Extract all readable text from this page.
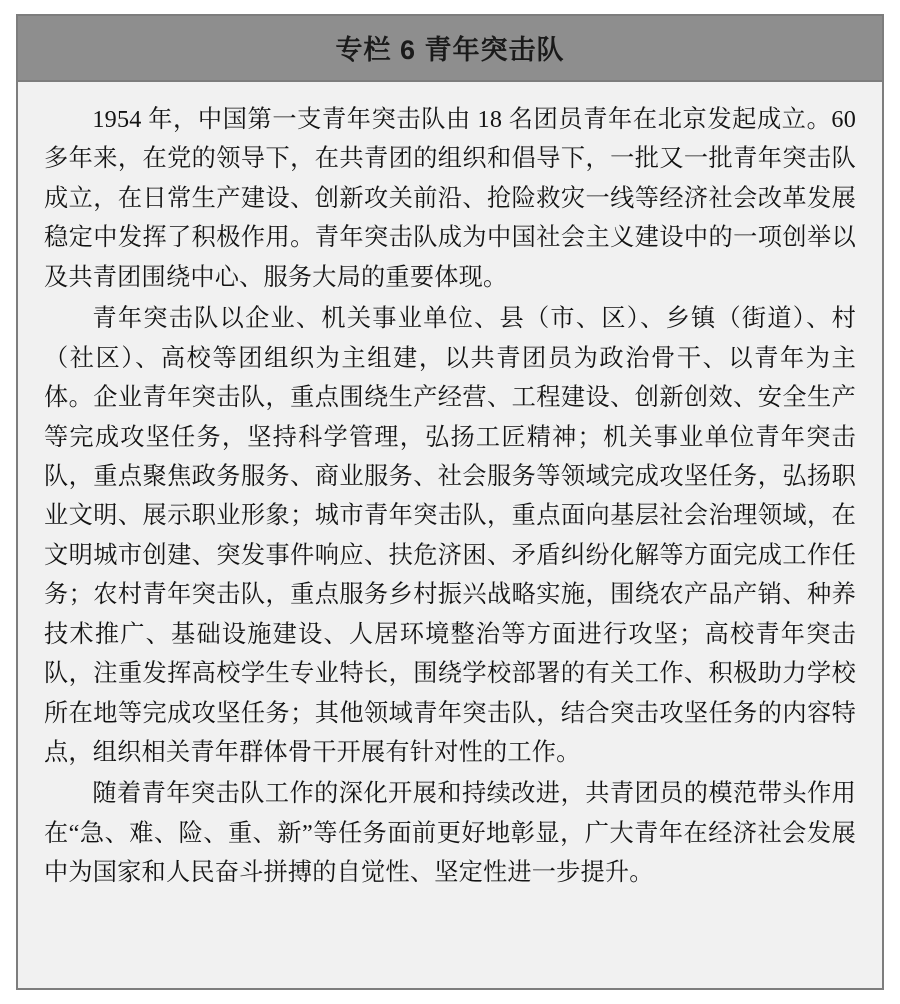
专栏 6 青年突击队

1954 年，中国第一支青年突击队由 18 名团员青年在北京发起成立。60 多年来，在党的领导下，在共青团的组织和倡导下，一批又一批青年突击队成立，在日常生产建设、创新攻关前沿、抢险救灾一线等经济社会改革发展稳定中发挥了积极作用。青年突击队成为中国社会主义建设中的一项创举以及共青团围绕中心、服务大局的重要体现。

青年突击队以企业、机关事业单位、县（市、区）、乡镇（街道）、村（社区）、高校等团组织为主组建，以共青团员为政治骨干、以青年为主体。企业青年突击队，重点围绕生产经营、工程建设、创新创效、安全生产等完成攻坚任务，坚持科学管理，弘扬工匠精神；机关事业单位青年突击队，重点聚焦政务服务、商业服务、社会服务等领域完成攻坚任务，弘扬职业文明、展示职业形象；城市青年突击队，重点面向基层社会治理领域，在文明城市创建、突发事件响应、扶危济困、矛盾纠纷化解等方面完成工作任务；农村青年突击队，重点服务乡村振兴战略实施，围绕农产品产销、种养技术推广、基础设施建设、人居环境整治等方面进行攻坚；高校青年突击队，注重发挥高校学生专业特长，围绕学校部署的有关工作、积极助力学校所在地等完成攻坚任务；其他领域青年突击队，结合突击攻坚任务的内容特点，组织相关青年群体骨干开展有针对性的工作。

随着青年突击队工作的深化开展和持续改进，共青团员的模范带头作用在“急、难、险、重、新”等任务面前更好地彰显，广大青年在经济社会发展中为国家和人民奋斗拼搏的自觉性、坚定性进一步提升。
